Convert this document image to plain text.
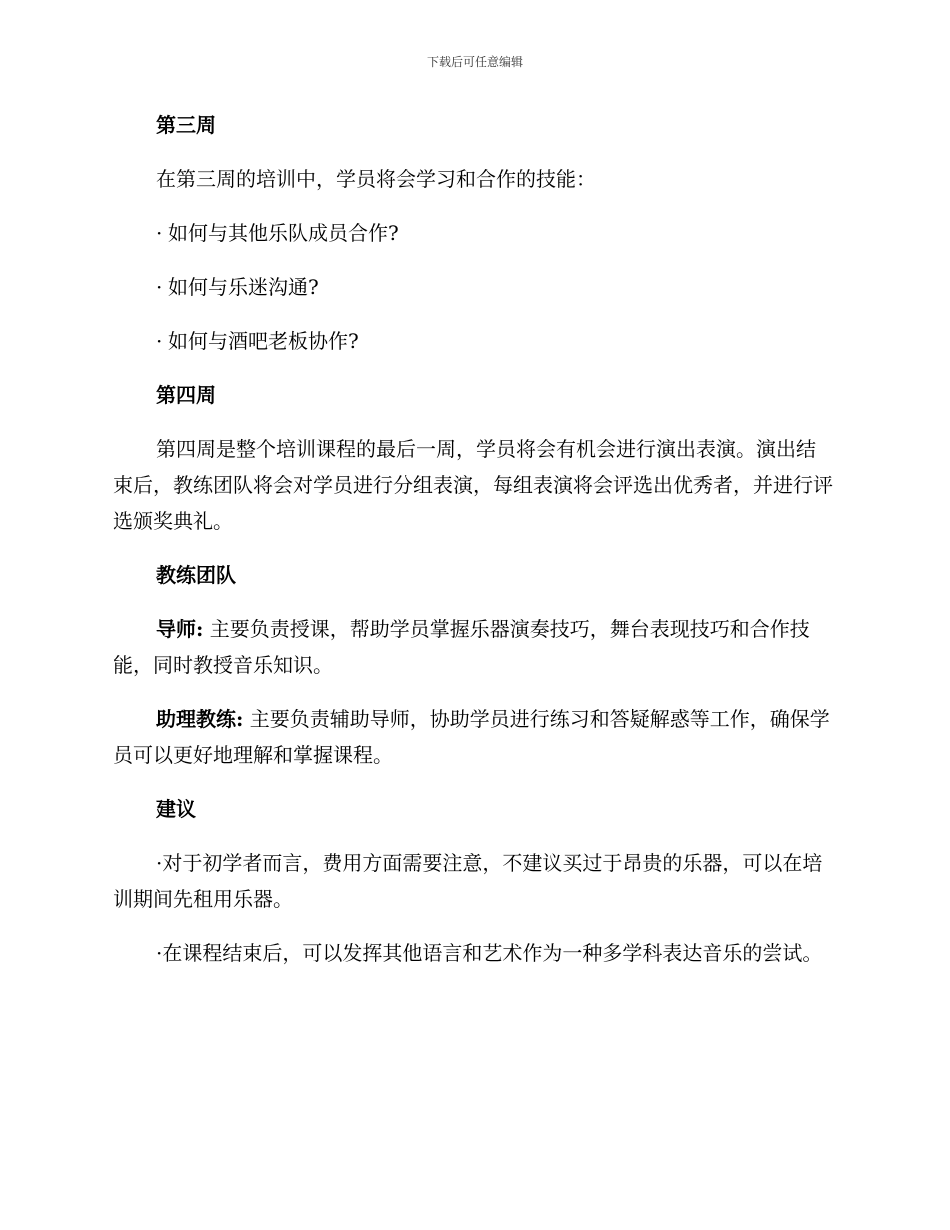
下载后可任意编辑
第三周
在第三周的培训中，学员将会学习和合作的技能：
· 如何与其他乐队成员合作?
· 如何与乐迷沟通?
· 如何与酒吧老板协作?
第四周
第四周是整个培训课程的最后一周，学员将会有机会进行演出表演。演出结束后，教练团队将会对学员进行分组表演，每组表演将会评选出优秀者，并进行评选颁奖典礼。
教练团队
导师: 主要负责授课，帮助学员掌握乐器演奏技巧，舞台表现技巧和合作技能，同时教授音乐知识。
助理教练: 主要负责辅助导师，协助学员进行练习和答疑解惑等工作，确保学员可以更好地理解和掌握课程。
建议
·对于初学者而言，费用方面需要注意，不建议买过于昂贵的乐器，可以在培训期间先租用乐器。
·在课程结束后，可以发挥其他语言和艺术作为一种多学科表达音乐的尝试。
